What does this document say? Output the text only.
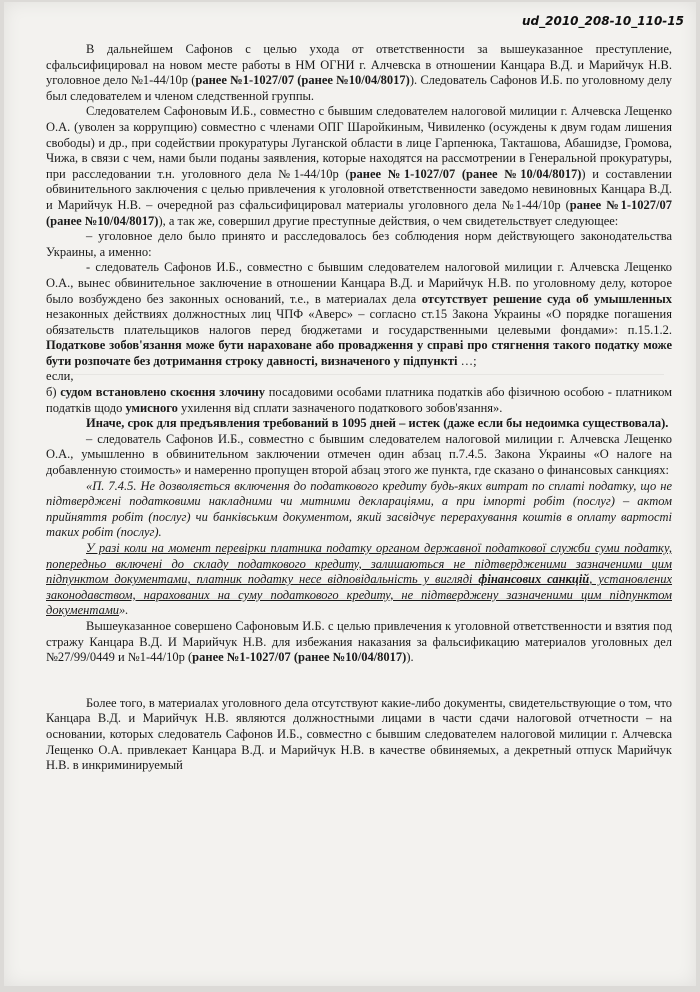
ud_2010_208-10_110-15

В дальнейшем Сафонов с целью ухода от ответственности за вышеуказанное преступление, сфальсифицировал на новом месте работы в НМ ОГНИ г. Алчевска в отношении Канцара В.Д. и Марийчук Н.В. уголовное дело №1-44/10р (ранее №1-1027/07 (ранее №10/04/8017)). Следователь Сафонов И.Б. по уголовному делу был следователем и членом следственной группы.

Следователем Сафоновым И.Б., совместно с бывшим следователем налоговой милиции г. Алчевска Лещенко О.А. (уволен за коррупцию) совместно с членами ОПГ Шаройкиным, Чивиленко (осуждены к двум годам лишения свободы) и др., при содействии прокуратуры Луганской области в лице Гарпенюка, Такташова, Абашидзе, Громова, Чижа, в связи с чем, нами были поданы заявления, которые находятся на рассмотрении в Генеральной прокуратуры, при расследовании т.н. уголовного дела №1-44/10р (ранее №1-1027/07 (ранее №10/04/8017)) и составлении обвинительного заключения с целью привлечения к уголовной ответственности заведомо невиновных Канцара В.Д. и Марийчук Н.В. – очередной раз сфальсифицировал материалы уголовного дела №1-44/10р (ранее №1-1027/07 (ранее №10/04/8017)), а так же, совершил другие преступные действия, о чем свидетельствует следующее:

– уголовное дело было принято и расследовалось без соблюдения норм действующего законодательства Украины, а именно:

- следователь Сафонов И.Б., совместно с бывшим следователем налоговой милиции г. Алчевска Лещенко О.А., вынес обвинительное заключение в отношении Канцара В.Д. и Марийчук Н.В. по уголовному делу, которое было возбуждено без законных оснований, т.е., в материалах дела отсутствует решение суда об умышленных незаконных действиях должностных лиц ЧПФ «Аверс» – согласно ст.15 Закона Украины «О порядке погашения обязательств плательщиков налогов перед бюджетами и государственными целевыми фондами»: п.15.1.2. Податкове зобов'язання може бути нараховане або провадження у справі про стягнення такого податку може бути розпочате без дотримання строку давності, визначеного у підпункті …;

если,

б) судом встановлено скоєння злочину посадовими особами платника податків або фізичною особою - платником податків щодо умисного ухилення від сплати зазначеного податкового зобов'язання».

Иначе, срок для предъявления требований в 1095 дней – истек (даже если бы недоимка существовала).

– следователь Сафонов И.Б., совместно с бывшим следователем налоговой милиции г. Алчевска Лещенко О.А., умышленно в обвинительном заключении отмечен один абзац п.7.4.5. Закона Украины «О налоге на добавленную стоимость» и намеренно пропущен второй абзац этого же пункта, где сказано о финансовых санкциях:

«П. 7.4.5. Не дозволяється включення до податкового кредиту будь-яких витрат по сплаті податку, що не підтверджені податковими накладними чи митними деклараціями, а при імпорті робіт (послуг) – актом прийняття робіт (послуг) чи банківським документом, який засвідчує перерахування коштів в оплату вартості таких робіт (послуг).

У разі коли на момент перевірки платника податку органом державної податкової служби суми податку, попередньо включені до складу податкового кредиту, залишаються не підтвердженими зазначеними цим підпунктом документами, платник податку несе відповідальність у вигляді фінансових санкцій, установлених законодавством, нарахованих на суму податкового кредиту, не підтверджену зазначеними цим підпунктом документами».

Вышеуказанное совершено Сафоновым И.Б. с целью привлечения к уголовной ответственности и взятия под стражу Канцара В.Д. И Марийчук Н.В. для избежания наказания за фальсификацию материалов уголовных дел №27/99/0449 и №1-44/10р (ранее №1-1027/07 (ранее №10/04/8017)).

Более того, в материалах уголовного дела отсутствуют какие-либо документы, свидетельствующие о том, что Канцара В.Д. и Марийчук Н.В. являются должностными лицами в части сдачи налоговой отчетности – на основании, которых следователь Сафонов И.Б., совместно с бывшим следователем налоговой милиции г. Алчевска Лещенко О.А. привлекает Канцара В.Д. и Марийчук Н.В. в качестве обвиняемых, а декретный отпуск Марийчук Н.В. в инкриминируемый
